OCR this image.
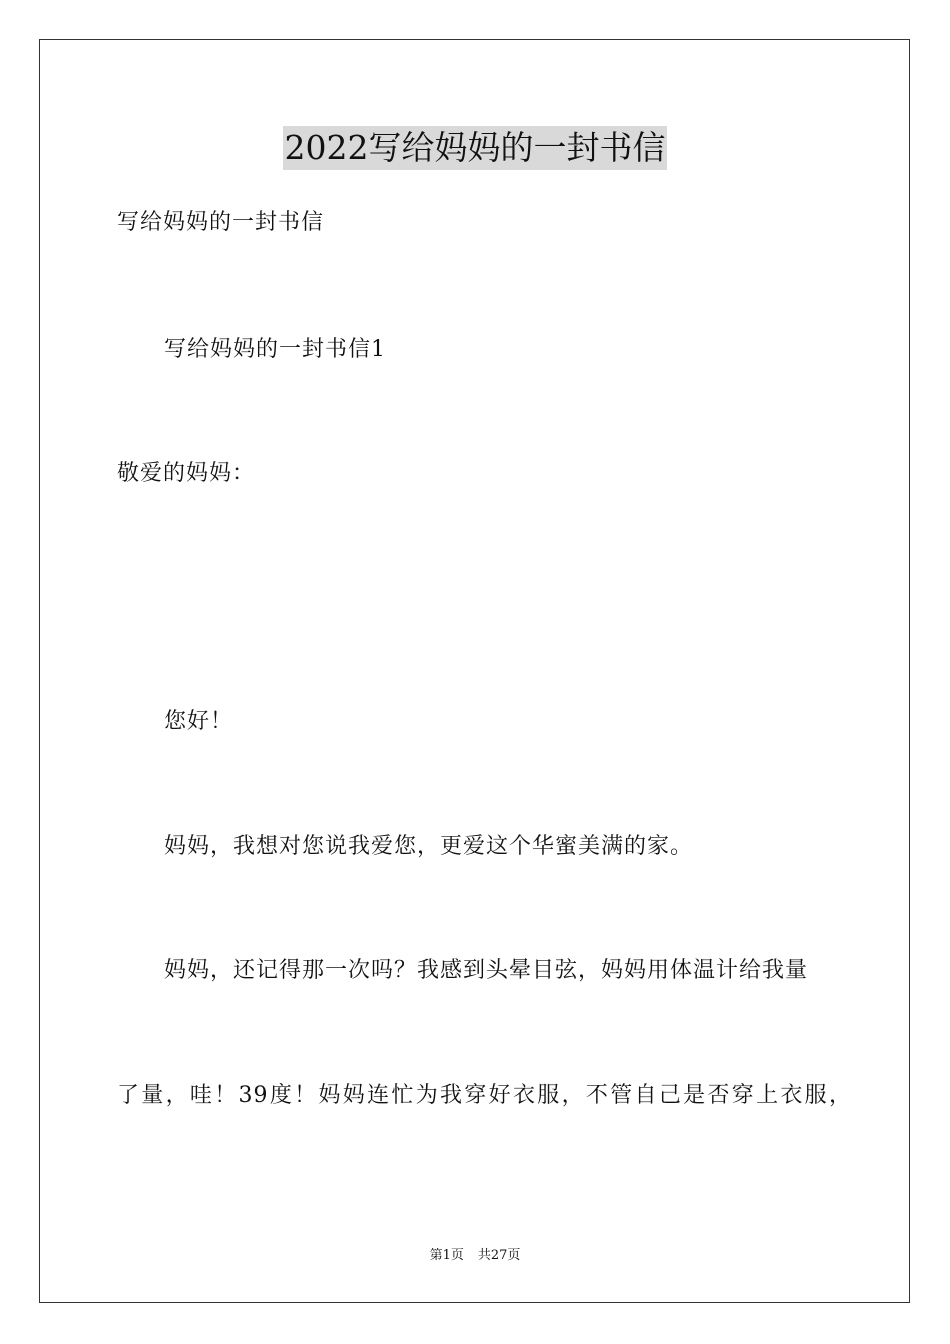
2022写给妈妈的一封书信
写给妈妈的一封书信
写给妈妈的一封书信1
敬爱的妈妈：
您好！
妈妈，我想对您说我爱您，更爱这个华蜜美满的家。
妈妈，还记得那一次吗？我感到头晕目弦，妈妈用体温计给我量
了量，哇！39度！妈妈连忙为我穿好衣服，不管自己是否穿上衣服，
第1页 共27页
